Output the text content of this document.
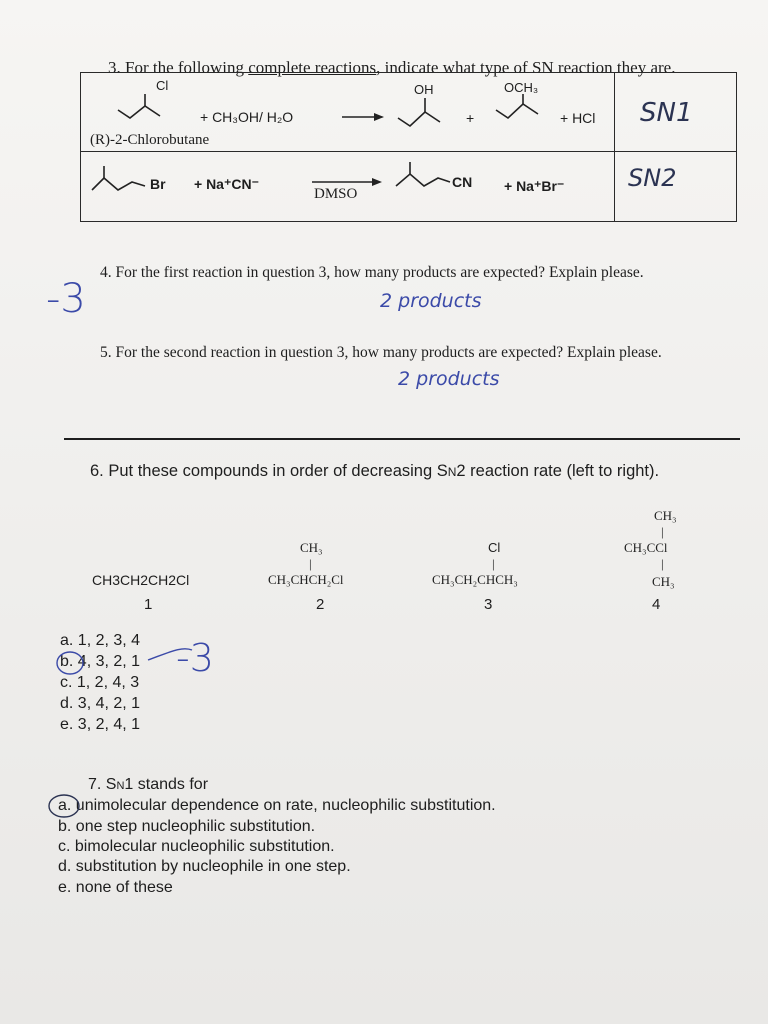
3. For the following complete reactions, indicate what type of SN reaction they are.
Cl
+ CH₃OH/ H₂O
OH
+
OCH₃
+ HCl
(R)-2-Chlorobutane
SN1
Br + Na⁺CN⁻
DMSO
CN + Na⁺Br⁻	SN2
4. For the first reaction in question 3, how many products are expected? Explain please.
2 products
-3
5. For the second reaction in question 3, how many products are expected? Explain please.
2 products
6. Put these compounds in order of decreasing Sn2 reaction rate (left to right).
CH3CH2CH2Cl
1
CH₃
|
CH₃CHCH₂Cl
2
Cl
|
CH₃CH₂CHCH₃
3
CH₃
|
CH₃CCl
|
CH₃
4
a. 1, 2, 3, 4
b. 4, 3, 2, 1
c. 1, 2, 4, 3
d. 3, 4, 2, 1
e. 3, 2, 4, 1
-3
7. Sn1 stands for
a. unimolecular dependence on rate, nucleophilic substitution.
b. one step nucleophilic substitution.
c. bimolecular nucleophilic substitution.
d. substitution by nucleophile in one step.
e. none of these
